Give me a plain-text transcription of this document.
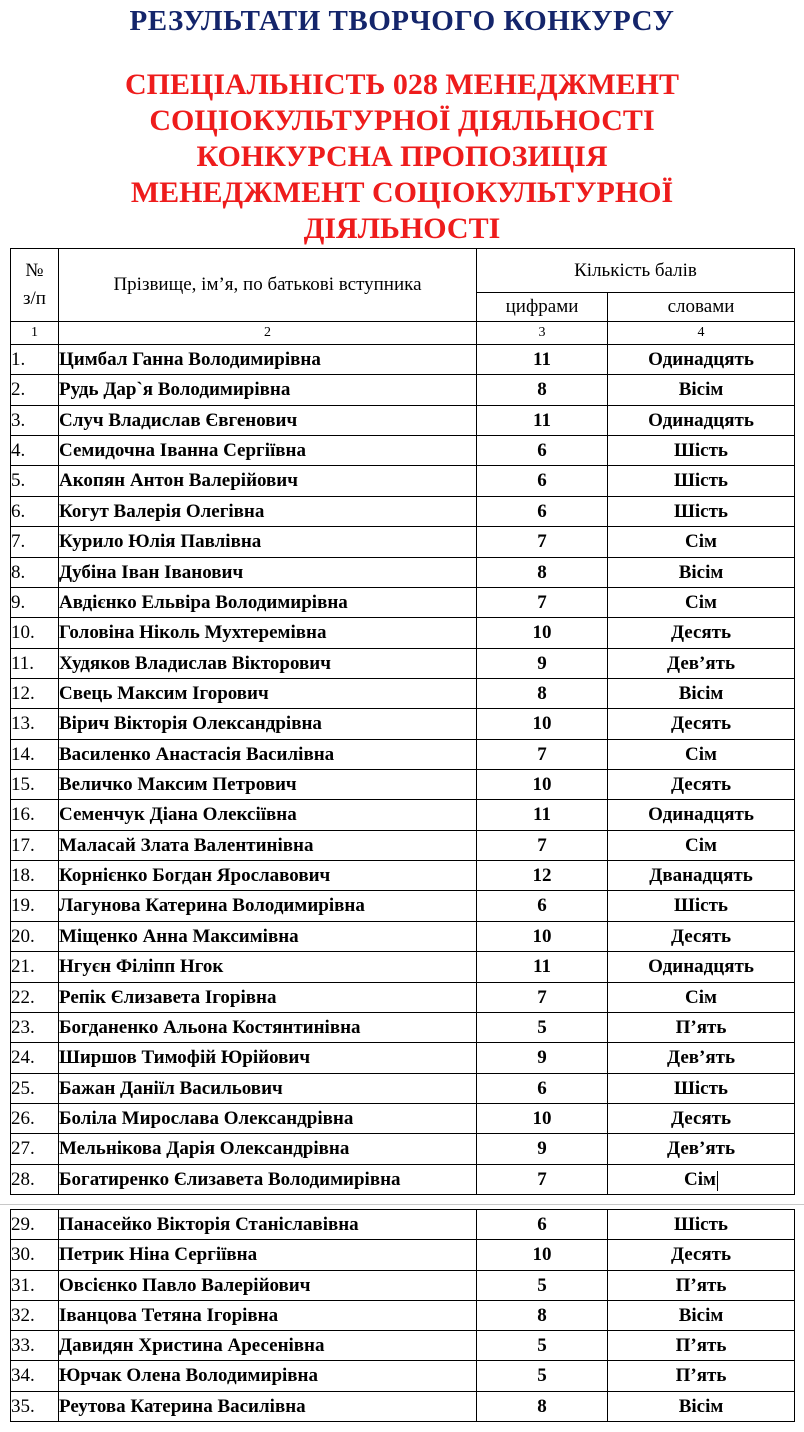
РЕЗУЛЬТАТИ ТВОРЧОГО КОНКУРСУ
СПЕЦІАЛЬНІСТЬ 028 МЕНЕДЖМЕНТ
СОЦІОКУЛЬТУРНОЇ ДІЯЛЬНОСТІ
КОНКУРСНА ПРОПОЗИЦІЯ
МЕНЕДЖМЕНТ СОЦІОКУЛЬТУРНОЇ
ДІЯЛЬНОСТІ
№
з/п	Прізвище, ім’я, по батькові вступника	Кількість балів	
		цифрами	словами
1	2	3	4
1.	Цимбал Ганна Володимирівна	11	Одинадцять
2.	Рудь Дар`я Володимирівна	8	Вісім
3.	Случ Владислав Євгенович	11	Одинадцять
4.	Семидочна Іванна Сергіївна	6	Шість
5.	Акопян Антон Валерійович	6	Шість
6.	Когут Валерія Олегівна	6	Шість
7.	Курило Юлія Павлівна	7	Сім
8.	Дубіна Іван Іванович	8	Вісім
9.	Авдієнко Ельвіра Володимирівна	7	Сім
10.	Головіна Ніколь Мухтеремівна	10	Десять
11.	Худяков Владислав Вікторович	9	Дев’ять
12.	Свець Максим Ігорович	8	Вісім
13.	Вірич Вікторія Олександрівна	10	Десять
14.	Василенко Анастасія Василівна	7	Сім
15.	Величко Максим Петрович	10	Десять
16.	Семенчук Діана Олексіївна	11	Одинадцять
17.	Маласай Злата Валентинівна	7	Сім
18.	Корнієнко Богдан Ярославович	12	Дванадцять
19.	Лагунова Катерина Володимирівна	6	Шість
20.	Міщенко Анна Максимівна	10	Десять
21.	Нгуєн Філіпп Нгок	11	Одинадцять
22.	Репік Єлизавета Ігорівна	7	Сім
23.	Богданенко Альона Костянтинівна	5	П’ять
24.	Ширшов Тимофій Юрійович	9	Дев’ять
25.	Бажан Даніїл Васильович	6	Шість
26.	Боліла Мирослава Олександрівна	10	Десять
27.	Мельнікова Дарія Олександрівна	9	Дев’ять
28.	Богатиренко Єлизавета Володимирівна	7	Сім
29.	Панасейко Вікторія Станіславівна	6	Шість
30.	Петрик Ніна Сергіївна	10	Десять
31.	Овсієнко Павло Валерійович	5	П’ять
32.	Іванцова Тетяна Ігорівна	8	Вісім
33.	Давидян Христина Аресенівна	5	П’ять
34.	Юрчак Олена Володимирівна	5	П’ять
35.	Реутова Катерина Василівна	8	Вісім
